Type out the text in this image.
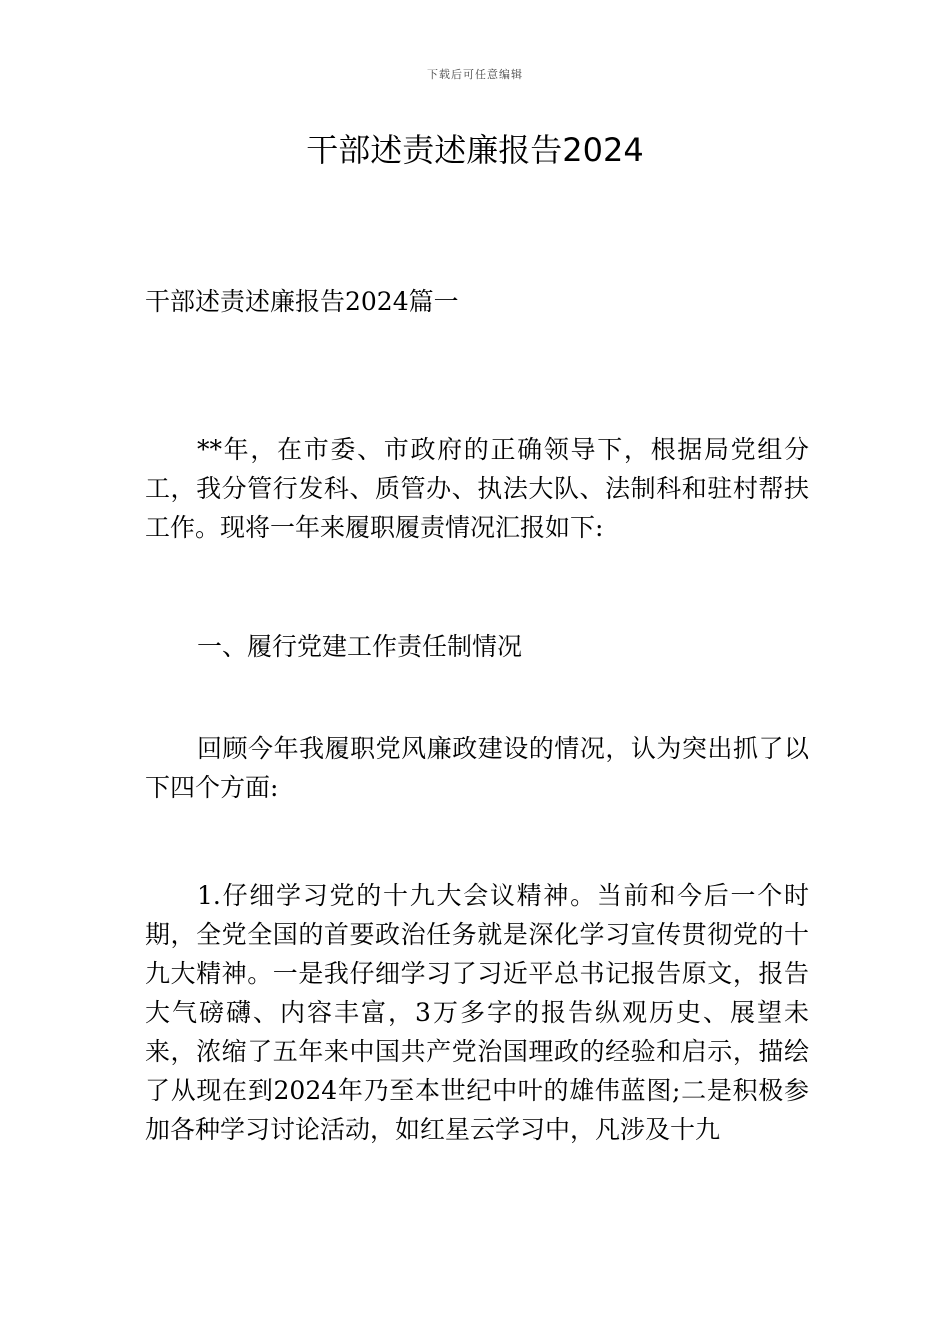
下载后可任意编辑
干部述责述廉报告2024

干部述责述廉报告2024篇一

**年，在市委、市政府的正确领导下，根据局党组分工，我分管行发科、质管办、执法大队、法制科和驻村帮扶工作。现将一年来履职履责情况汇报如下:

一、履行党建工作责任制情况

回顾今年我履职党风廉政建设的情况，认为突出抓了以下四个方面:

1.仔细学习党的十九大会议精神。当前和今后一个时期，全党全国的首要政治任务就是深化学习宣传贯彻党的十九大精神。一是我仔细学习了习近平总书记报告原文，报告大气磅礴、内容丰富，3万多字的报告纵观历史、展望未来，浓缩了五年来中国共产党治国理政的经验和启示，描绘了从现在到2024年乃至本世纪中叶的雄伟蓝图;二是积极参加各种学习讨论活动，如红星云学习中，凡涉及十九
